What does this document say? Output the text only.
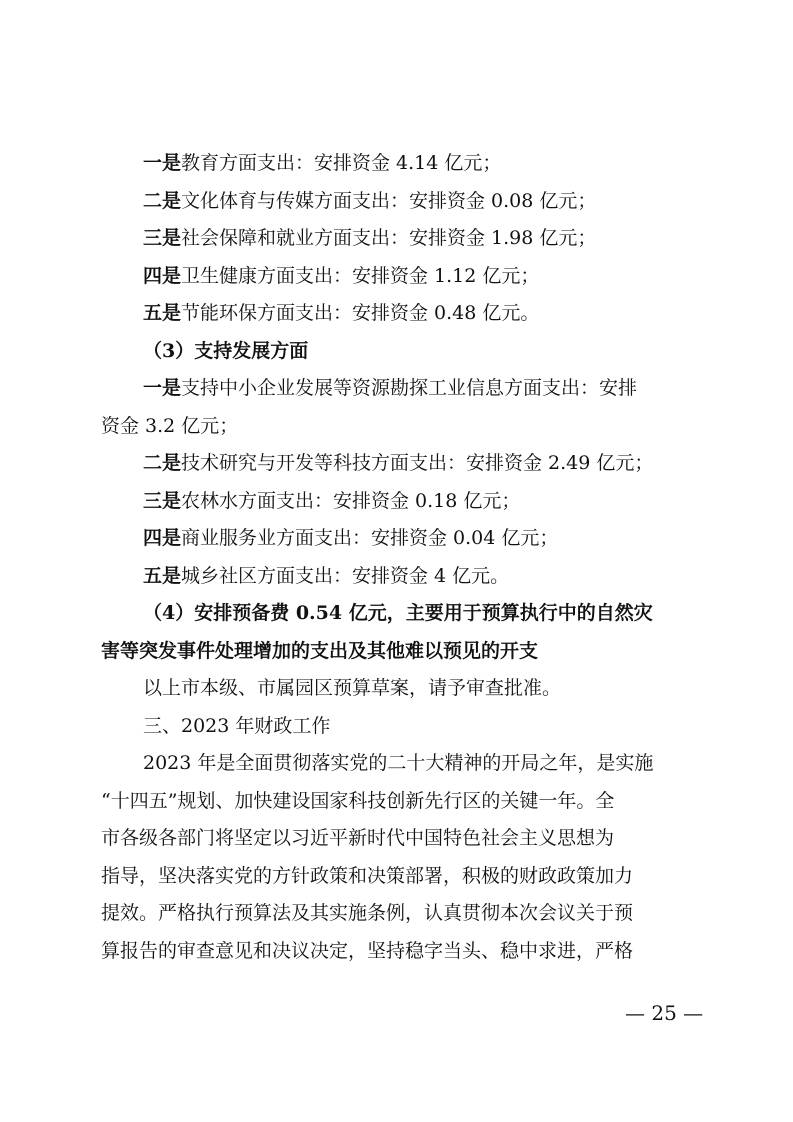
一是教育方面支出：安排资金 4.14 亿元；

二是文化体育与传媒方面支出：安排资金 0.08 亿元；

三是社会保障和就业方面支出：安排资金 1.98 亿元；

四是卫生健康方面支出：安排资金 1.12 亿元；

五是节能环保方面支出：安排资金 0.48 亿元。

（3）支持发展方面

一是支持中小企业发展等资源勘探工业信息方面支出：安排

资金 3.2 亿元；

二是技术研究与开发等科技方面支出：安排资金 2.49 亿元；

三是农林水方面支出：安排资金 0.18 亿元；

四是商业服务业方面支出：安排资金 0.04 亿元；

五是城乡社区方面支出：安排资金 4 亿元。

（4）安排预备费 0.54 亿元，主要用于预算执行中的自然灾

害等突发事件处理增加的支出及其他难以预见的开支

以上市本级、市属园区预算草案，请予审查批准。

三、2023 年财政工作

2023 年是全面贯彻落实党的二十大精神的开局之年，是实施

“十四五”规划、加快建设国家科技创新先行区的关键一年。全

市各级各部门将坚定以习近平新时代中国特色社会主义思想为

指导，坚决落实党的方针政策和决策部署，积极的财政政策加力

提效。严格执行预算法及其实施条例，认真贯彻本次会议关于预

算报告的审查意见和决议决定，坚持稳字当头、稳中求进，严格

— 25 —
